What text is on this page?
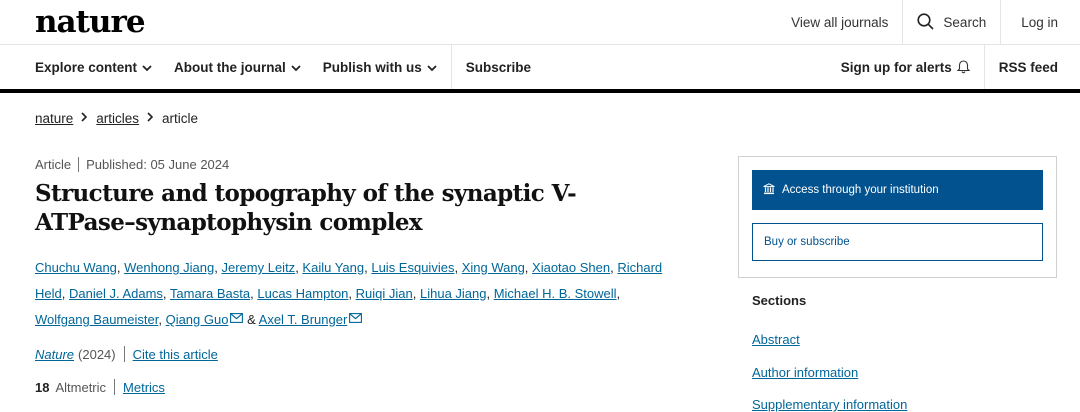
nature	View all journals	Search	Log in
Explore content	About the journal	Publish with us	Subscribe	Sign up for alerts	RSS feed
nature articles article
Article Published: 05 June 2024
Structure and topography of the synaptic V-ATPase–synaptophysin complex
Chuchu Wang, Wenhong Jiang, Jeremy Leitz, Kailu Yang, Luis Esquivies, Xing Wang, Xiaotao Shen, Richard
Held, Daniel J. Adams, Tamara Basta, Lucas Hampton, Ruiqi Jian, Lihua Jiang, Michael H. B. Stowell,
Wolfgang Baumeister, Qiang Guo & Axel T. Brunger
Nature (2024) Cite this article
18 Altmetric Metrics
Access through your institution
Buy or subscribe
Sections
Abstract
Author information
Supplementary information
